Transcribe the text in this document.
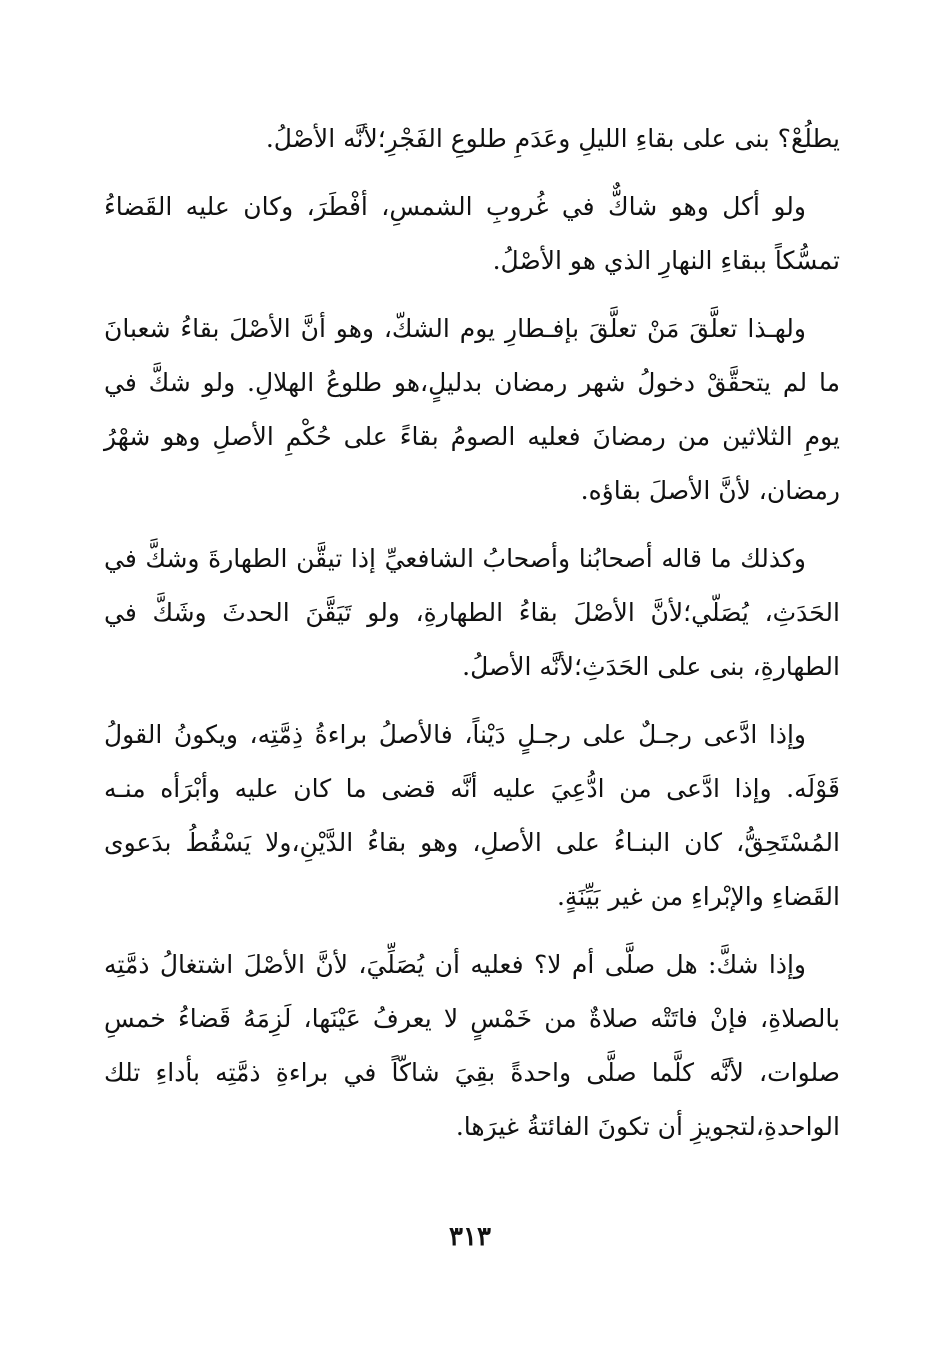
يطلُعْ؟ بنى على بقاءِ الليلِ وعَدَمِ طلوعِ الفَجْرِ؛لأنَّه الأصْلُ.

ولو أكل وهو شاكٌّ في غُروبِ الشمسِ، أفْطَرَ، وكان عليه القَضاءُ تمسُّكاً ببقاءِ النهارِ الذي هو الأصْلُ.

ولهـذا تعلَّقَ مَنْ تعلَّقَ بإفـطارِ يوم الشكّ، وهو أنَّ الأصْلَ بقاءُ شعبانَ ما لم يتحقَّقْ دخولُ شهر رمضان بدليلٍ،هو طلوعُ الهلالِ. ولو شكَّ في يومِ الثلاثين من رمضانَ فعليه الصومُ بقاءً على حُكْمِ الأصلِ وهو شهْرُ رمضان، لأنَّ الأصلَ بقاؤه.

وكذلك ما قاله أصحابُنا وأصحابُ الشافعيِّ إذا تيقَّن الطهارةَ وشكَّ في الحَدَثِ، يُصَلّي؛لأنَّ الأصْلَ بقاءُ الطهارةِ، ولو تَيَقَّنَ الحدثَ وشَكَّ في الطهارةِ، بنى على الحَدَثِ؛لأنَّه الأصلُ.

وإذا ادَّعى رجـلٌ على رجـلٍ دَيْناً، فالأصلُ براءةُ ذِمَّتِه، ويكونُ القولُ قَوْلَه. وإذا ادَّعى من ادُّعِيَ عليه أنَّه قضى ما كان عليه وأبْرَأه منـه المُسْتَحِقُّ، كان البنـاءُ على الأصلِ، وهو بقاءُ الدَّيْنِ،ولا يَسْقُطُ بدَعوى القَضاءِ والإبْراءِ من غير بَيِّنَةٍ.

وإذا شكَّ: هل صلَّى أم لا؟ فعليه أن يُصَلِّيَ، لأنَّ الأصْلَ اشتغالُ ذمَّتِه بالصلاةِ، فإنْ فاتَتْه صلاةٌ من خَمْسٍ لا يعرفُ عَيْنَها، لَزِمَهُ قَضاءُ خمسِ صلوات، لأنَّه كلَّما صلَّى واحدةً بقِيَ شاكّاً في براءةِ ذمَّتِه بأداءِ تلك الواحدةِ،لتجويزِ أن تكونَ الفائتةُ غيرَها.

٣١٣
